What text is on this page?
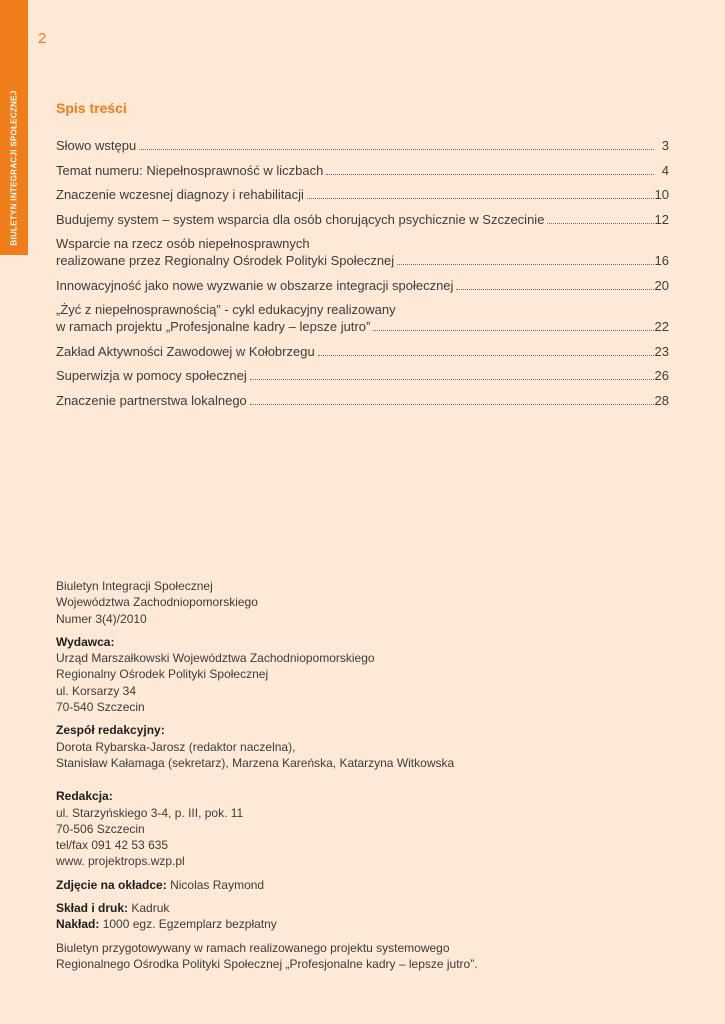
BIULETYN INTEGRACJI SPOŁECZNEJ
2
Spis treści
Słowo wstępu	3
Temat numeru: Niepełnosprawność w liczbach	4
Znaczenie wczesnej diagnozy i rehabilitacji	10
Budujemy system – system wsparcia dla osób chorujących psychicznie w Szczecinie	12
Wsparcie na rzecz osób niepełnosprawnych
realizowane przez Regionalny Ośrodek Polityki Społecznej	16
Innowacyjność jako nowe wyzwanie w obszarze integracji społecznej	20
„Żyć z niepełnosprawnością” - cykl edukacyjny realizowany
w ramach projektu „Profesjonalne kadry – lepsze jutro”	22
Zakład Aktywności Zawodowej w Kołobrzegu	23
Superwizja w pomocy społecznej	26
Znaczenie partnerstwa lokalnego	28
Biuletyn Integracji Społecznej
Województwa Zachodniopomorskiego
Numer 3(4)/2010
Wydawca:
Urząd Marszałkowski Województwa Zachodniopomorskiego
Regionalny Ośrodek Polityki Społecznej
ul. Korsarzy 34
70-540 Szczecin
Zespół redakcyjny:
Dorota Rybarska-Jarosz (redaktor naczelna),
Stanisław Kałamaga (sekretarz), Marzena Kareńska, Katarzyna Witkowska
Redakcja:
ul. Starzyńskiego 3-4, p. III, pok. 11
70-506 Szczecin
tel/fax 091 42 53 635
www. projektrops.wzp.pl
Zdjęcie na okładce: Nicolas Raymond
Skład i druk: Kadruk
Nakład: 1000 egz. Egzemplarz bezpłatny
Biuletyn przygotowywany w ramach realizowanego projektu systemowego
Regionalnego Ośrodka Polityki Społecznej „Profesjonalne kadry – lepsze jutro”.
